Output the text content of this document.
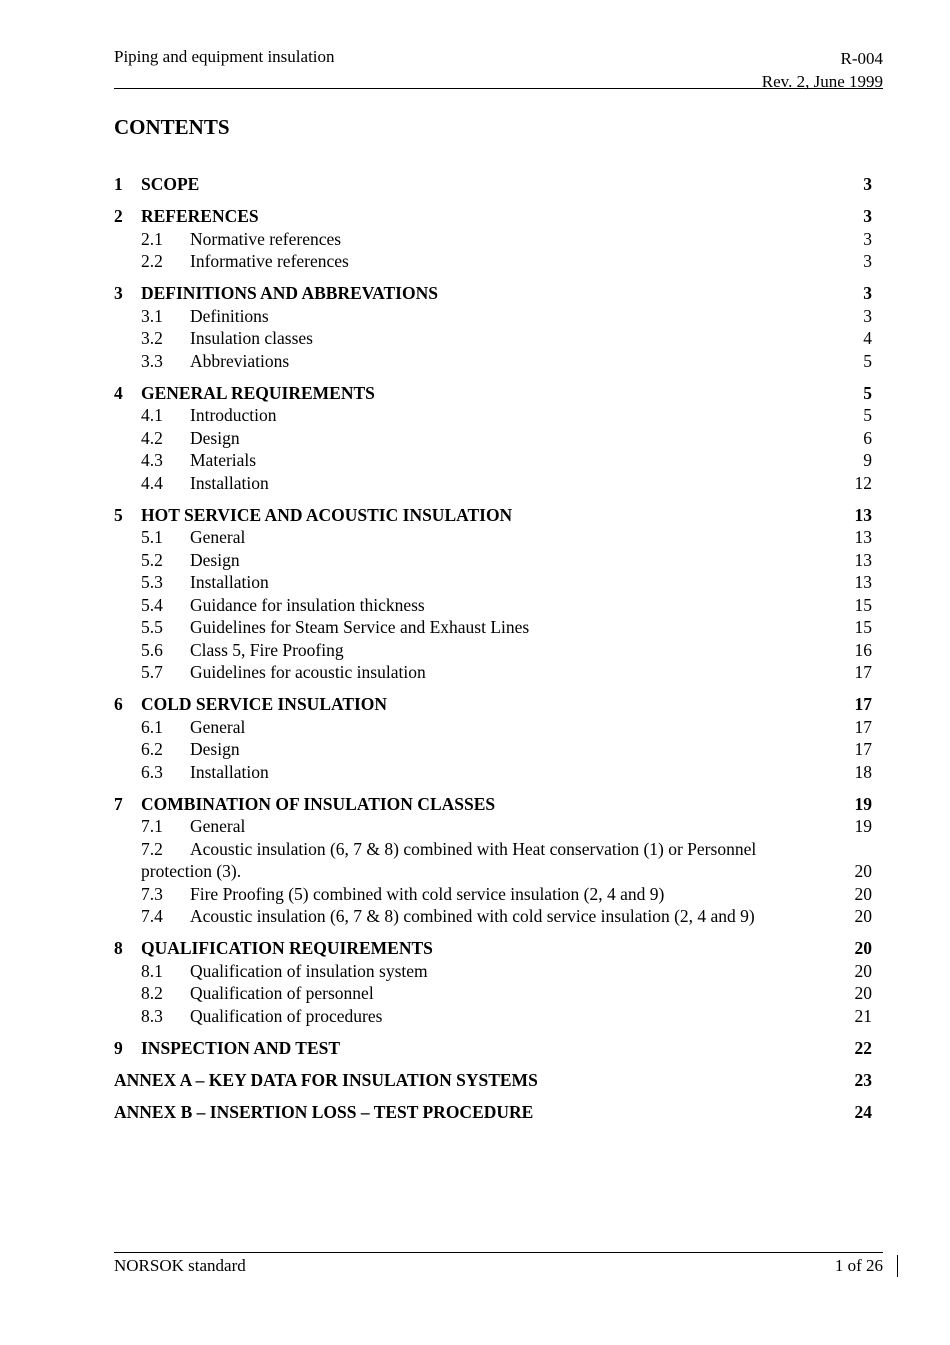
Piping and equipment insulation	R-004
Rev. 2, June 1999
CONTENTS
1 SCOPE	3
2 REFERENCES	3
2.1 Normative references	3
2.2 Informative references	3
3 DEFINITIONS AND ABBREVATIONS	3
3.1 Definitions	3
3.2 Insulation classes	4
3.3 Abbreviations	5
4 GENERAL REQUIREMENTS	5
4.1 Introduction	5
4.2 Design	6
4.3 Materials	9
4.4 Installation	12
5 HOT SERVICE AND ACOUSTIC INSULATION	13
5.1 General	13
5.2 Design	13
5.3 Installation	13
5.4 Guidance for insulation thickness	15
5.5 Guidelines for Steam Service and Exhaust Lines	15
5.6 Class 5, Fire Proofing	16
5.7 Guidelines for acoustic insulation	17
6 COLD SERVICE INSULATION	17
6.1 General	17
6.2 Design	17
6.3 Installation	18
7 COMBINATION OF INSULATION CLASSES	19
7.1 General	19
7.2 Acoustic insulation (6, 7 & 8) combined with Heat conservation (1) or Personnel
protection (3).	20
7.3 Fire Proofing (5) combined with cold service insulation (2, 4 and 9)	20
7.4 Acoustic insulation (6, 7 & 8) combined with cold service insulation (2, 4 and 9)	20
8 QUALIFICATION REQUIREMENTS	20
8.1 Qualification of insulation system	20
8.2 Qualification of personnel	20
8.3 Qualification of procedures	21
9 INSPECTION AND TEST	22
ANNEX A – KEY DATA FOR INSULATION SYSTEMS	23
ANNEX B – INSERTION LOSS – TEST PROCEDURE	24
NORSOK standard	1 of 26
